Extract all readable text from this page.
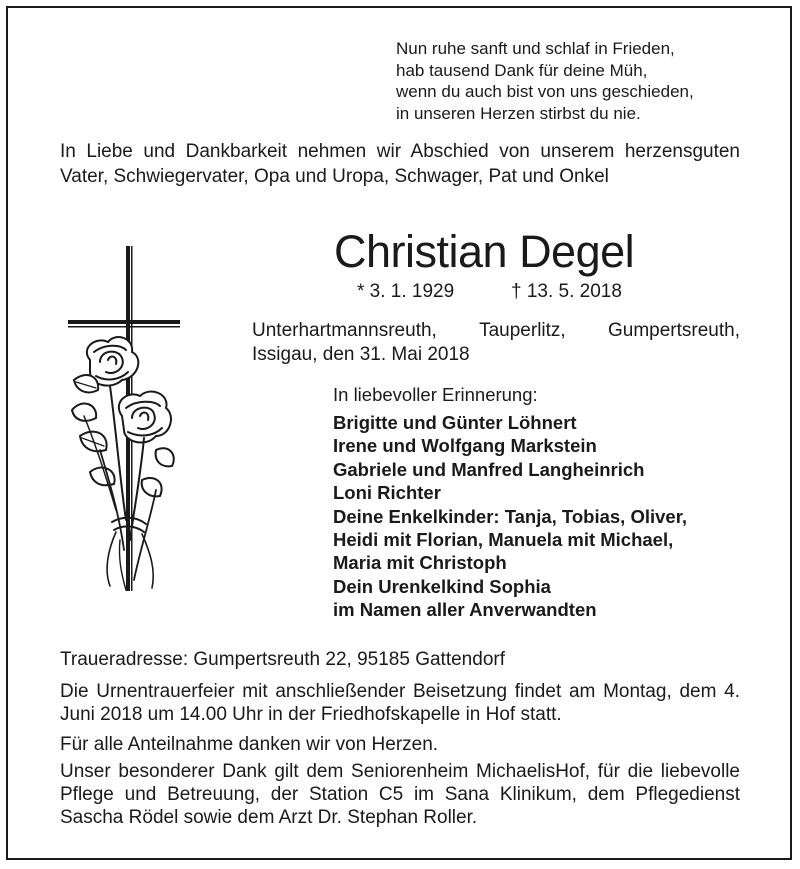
Nun ruhe sanft und schlaf in Frieden,
hab tausend Dank für deine Müh,
wenn du auch bist von uns geschieden,
in unseren Herzen stirbst du nie.

In Liebe und Dankbarkeit nehmen wir Abschied von unserem herzensguten Vater, Schwiegervater, Opa und Uropa, Schwager, Pat und Onkel

Christian Degel
* 3. 1. 1929	† 13. 5. 2018
Unterhartmannsreuth, Tauperlitz, Gumpertsreuth,
Issigau, den 31. Mai 2018
In liebevoller Erinnerung:
Brigitte und Günter Löhnert
Irene und Wolfgang Markstein
Gabriele und Manfred Langheinrich
Loni Richter
Deine Enkelkinder: Tanja, Tobias, Oliver,
Heidi mit Florian, Manuela mit Michael,
Maria mit Christoph
Dein Urenkelkind Sophia
im Namen aller Anverwandten
Traueradresse: Gumpertsreuth 22, 95185 Gattendorf

Die Urnentrauerfeier mit anschließender Beisetzung findet am Montag, dem 4. Juni 2018 um 14.00 Uhr in der Friedhofskapelle in Hof statt.

Für alle Anteilnahme danken wir von Herzen.

Unser besonderer Dank gilt dem Seniorenheim MichaelisHof, für die liebevolle Pflege und Betreuung, der Station C5 im Sana Klinikum, dem Pflegedienst Sascha Rödel sowie dem Arzt Dr. Stephan Roller.
